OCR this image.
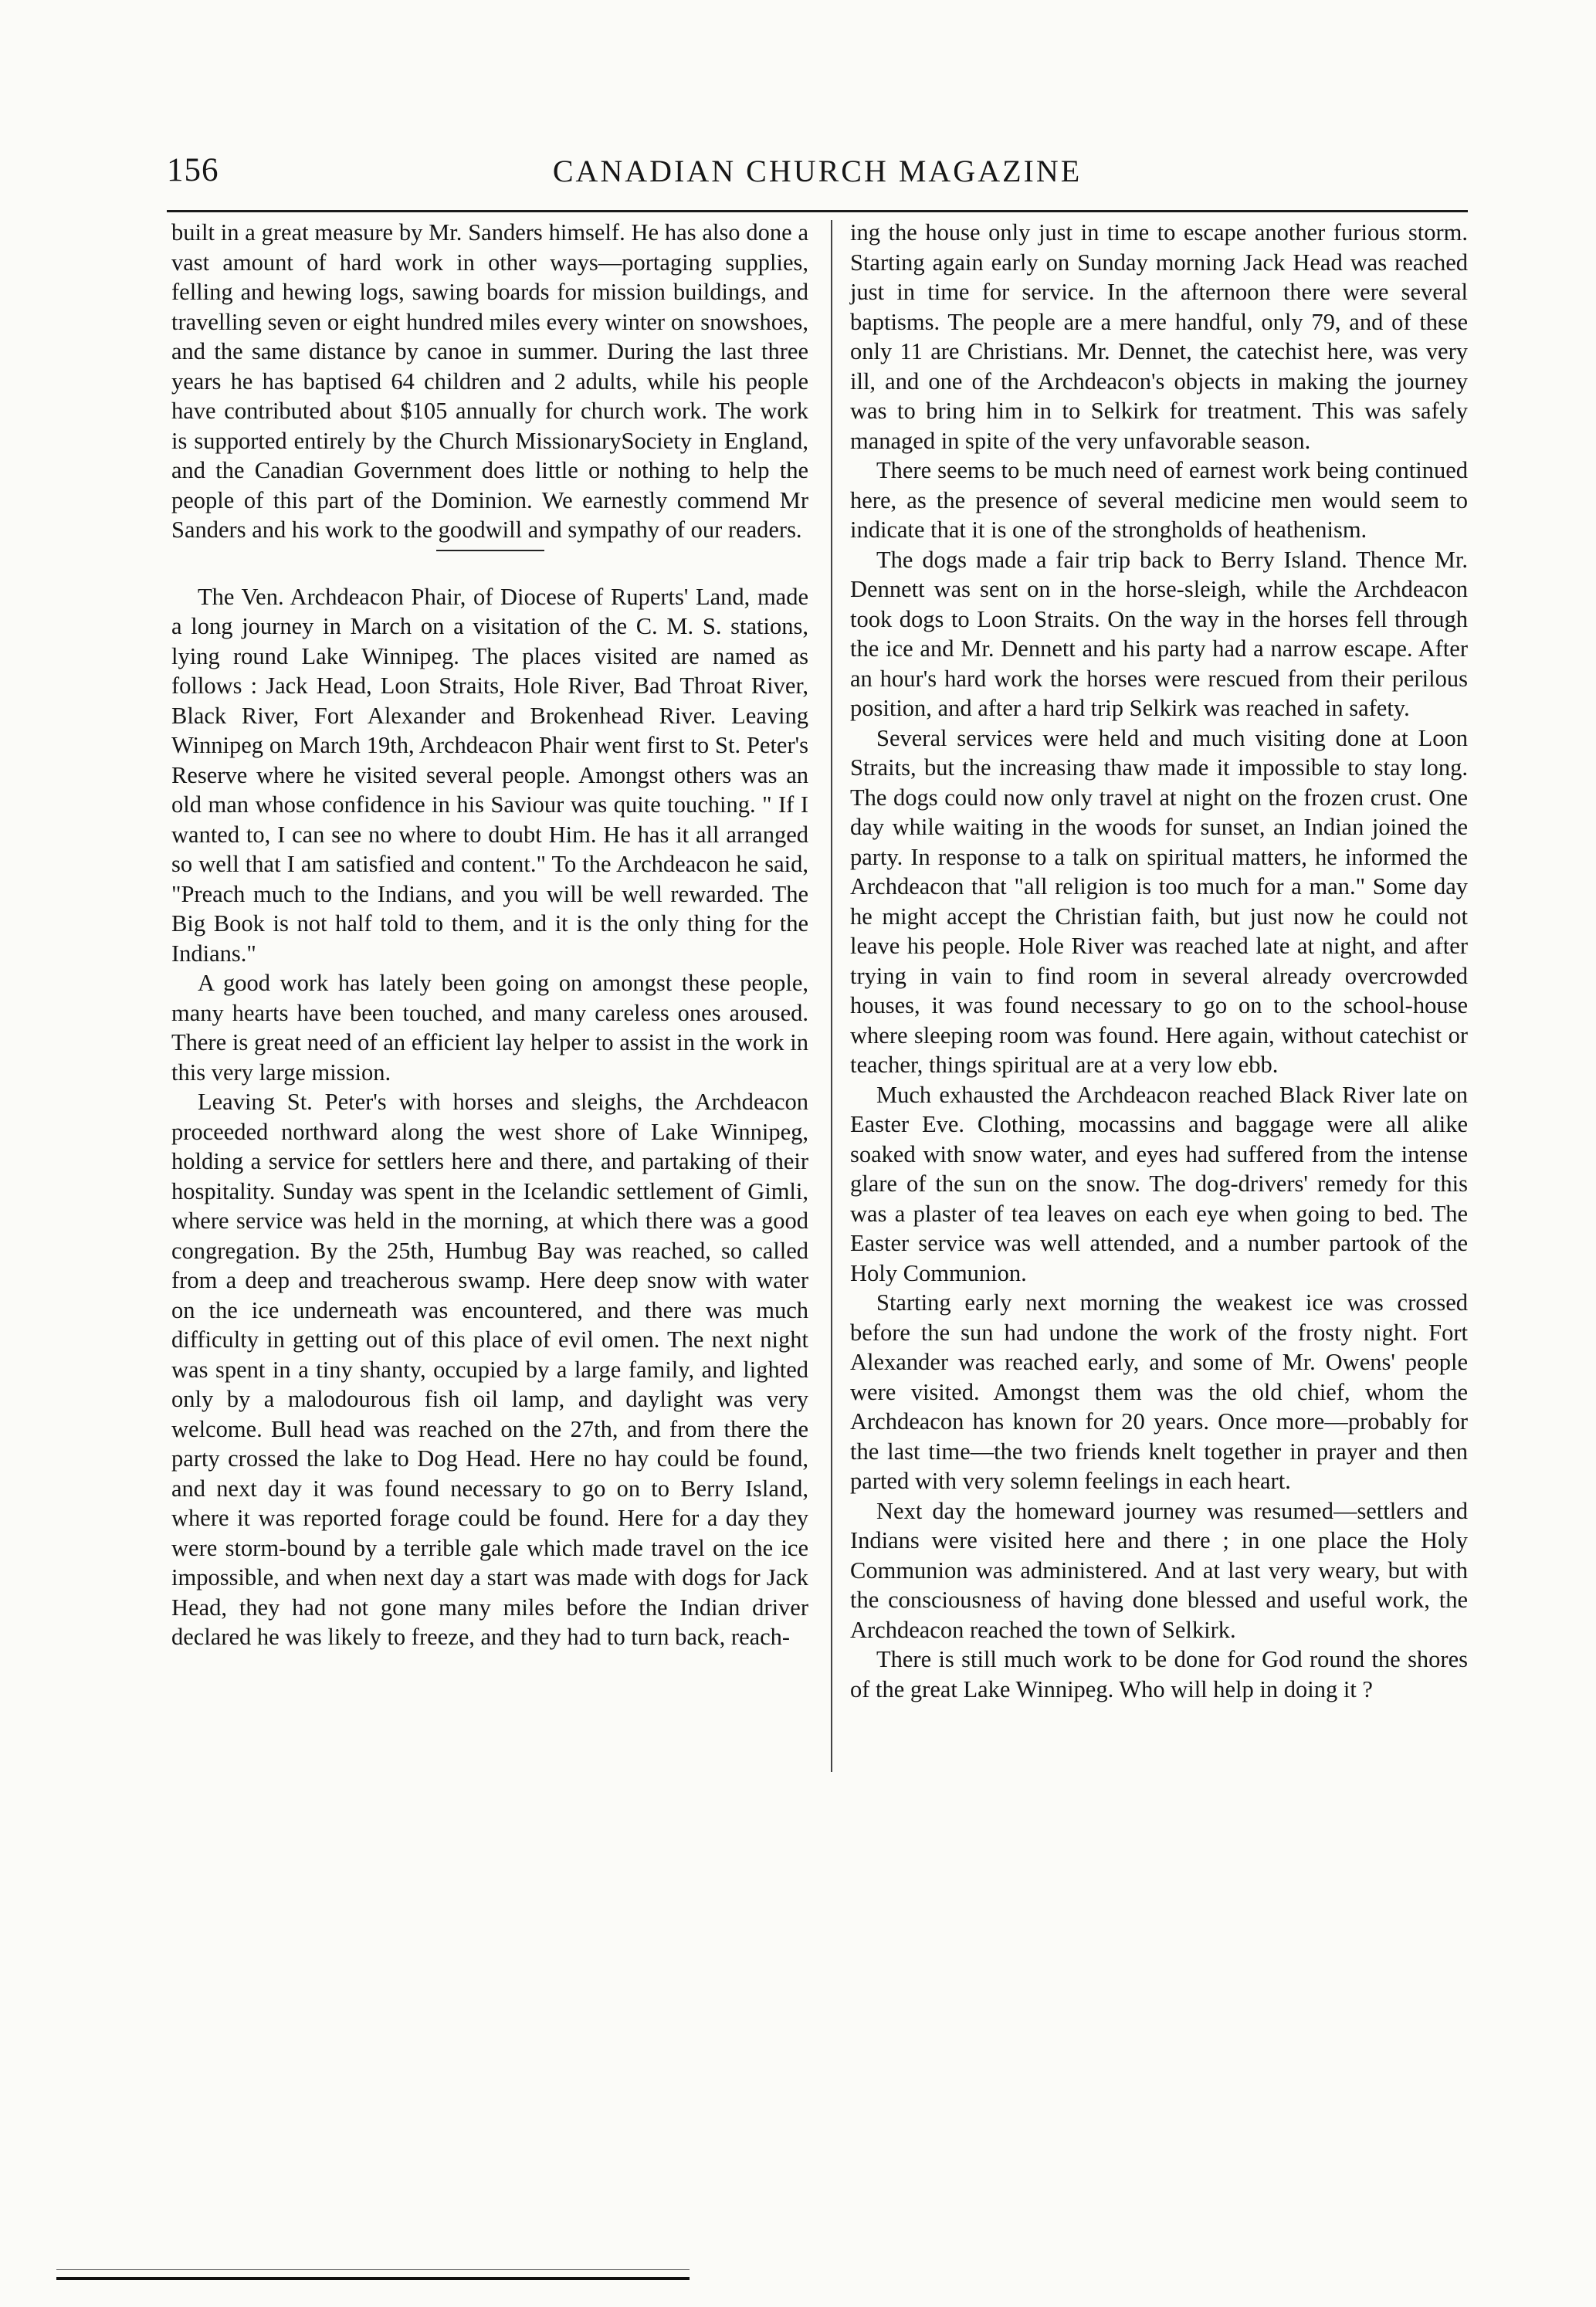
156	CANADIAN CHURCH MAGAZINE

built in a great measure by Mr. Sanders himself. He has also done a vast amount of hard work in other ways—portaging supplies, felling and hewing logs, sawing boards for mission buildings, and travelling seven or eight hundred miles every winter on snowshoes, and the same distance by canoe in summer. During the last three years he has baptised 64 children and 2 adults, while his people have contributed about $105 annually for church work. The work is supported entirely by the Church MissionarySociety in England, and the Canadian Government does little or nothing to help the people of this part of the Dominion. We earnestly commend Mr Sanders and his work to the goodwill and sympathy of our readers.

The Ven. Archdeacon Phair, of Diocese of Ruperts' Land, made a long journey in March on a visitation of the C. M. S. stations, lying round Lake Winnipeg. The places visited are named as follows : Jack Head, Loon Straits, Hole River, Bad Throat River, Black River, Fort Alexander and Brokenhead River. Leaving Winnipeg on March 19th, Archdeacon Phair went first to St. Peter's Reserve where he visited several people. Amongst others was an old man whose confidence in his Saviour was quite touching. " If I wanted to, I can see no where to doubt Him. He has it all arranged so well that I am satisfied and content." To the Archdeacon he said, "Preach much to the Indians, and you will be well rewarded. The Big Book is not half told to them, and it is the only thing for the Indians."

A good work has lately been going on amongst these people, many hearts have been touched, and many careless ones aroused. There is great need of an efficient lay helper to assist in the work in this very large mission.

Leaving St. Peter's with horses and sleighs, the Archdeacon proceeded northward along the west shore of Lake Winnipeg, holding a service for settlers here and there, and partaking of their hospitality. Sunday was spent in the Icelandic settlement of Gimli, where service was held in the morning, at which there was a good congregation. By the 25th, Humbug Bay was reached, so called from a deep and treacherous swamp. Here deep snow with water on the ice underneath was encountered, and there was much difficulty in getting out of this place of evil omen. The next night was spent in a tiny shanty, occupied by a large family, and lighted only by a malodourous fish oil lamp, and daylight was very welcome. Bull head was reached on the 27th, and from there the party crossed the lake to Dog Head. Here no hay could be found, and next day it was found necessary to go on to Berry Island, where it was reported forage could be found. Here for a day they were storm-bound by a terrible gale which made travel on the ice impossible, and when next day a start was made with dogs for Jack Head, they had not gone many miles before the Indian driver declared he was likely to freeze, and they had to turn back, reach-

ing the house only just in time to escape another furious storm. Starting again early on Sunday morning Jack Head was reached just in time for service. In the afternoon there were several baptisms. The people are a mere handful, only 79, and of these only 11 are Christians. Mr. Dennet, the catechist here, was very ill, and one of the Archdeacon's objects in making the journey was to bring him in to Selkirk for treatment. This was safely managed in spite of the very unfavorable season.

There seems to be much need of earnest work being continued here, as the presence of several medicine men would seem to indicate that it is one of the strongholds of heathenism.

The dogs made a fair trip back to Berry Island. Thence Mr. Dennett was sent on in the horse-sleigh, while the Archdeacon took dogs to Loon Straits. On the way in the horses fell through the ice and Mr. Dennett and his party had a narrow escape. After an hour's hard work the horses were rescued from their perilous position, and after a hard trip Selkirk was reached in safety.

Several services were held and much visiting done at Loon Straits, but the increasing thaw made it impossible to stay long. The dogs could now only travel at night on the frozen crust. One day while waiting in the woods for sunset, an Indian joined the party. In response to a talk on spiritual matters, he informed the Archdeacon that "all religion is too much for a man." Some day he might accept the Christian faith, but just now he could not leave his people. Hole River was reached late at night, and after trying in vain to find room in several already overcrowded houses, it was found necessary to go on to the school-house where sleeping room was found. Here again, without catechist or teacher, things spiritual are at a very low ebb.

Much exhausted the Archdeacon reached Black River late on Easter Eve. Clothing, mocassins and baggage were all alike soaked with snow water, and eyes had suffered from the intense glare of the sun on the snow. The dog-drivers' remedy for this was a plaster of tea leaves on each eye when going to bed. The Easter service was well attended, and a number partook of the Holy Communion.

Starting early next morning the weakest ice was crossed before the sun had undone the work of the frosty night. Fort Alexander was reached early, and some of Mr. Owens' people were visited. Amongst them was the old chief, whom the Archdeacon has known for 20 years. Once more—probably for the last time—the two friends knelt together in prayer and then parted with very solemn feelings in each heart.

Next day the homeward journey was resumed—settlers and Indians were visited here and there ; in one place the Holy Communion was administered. And at last very weary, but with the consciousness of having done blessed and useful work, the Archdeacon reached the town of Selkirk.

There is still much work to be done for God round the shores of the great Lake Winnipeg. Who will help in doing it ?
